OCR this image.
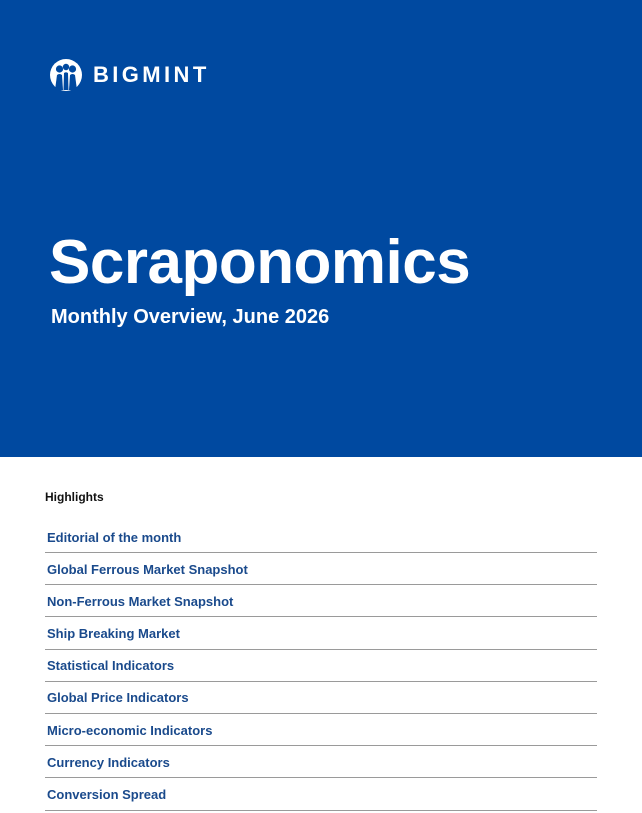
BIGMINT
Scraponomics

Monthly Overview, June 2026

Highlights
Editorial of the month
Global Ferrous Market Snapshot
Non-Ferrous Market Snapshot
Ship Breaking Market
Statistical Indicators
Global Price Indicators
Micro-economic Indicators
Currency Indicators
Conversion Spread
